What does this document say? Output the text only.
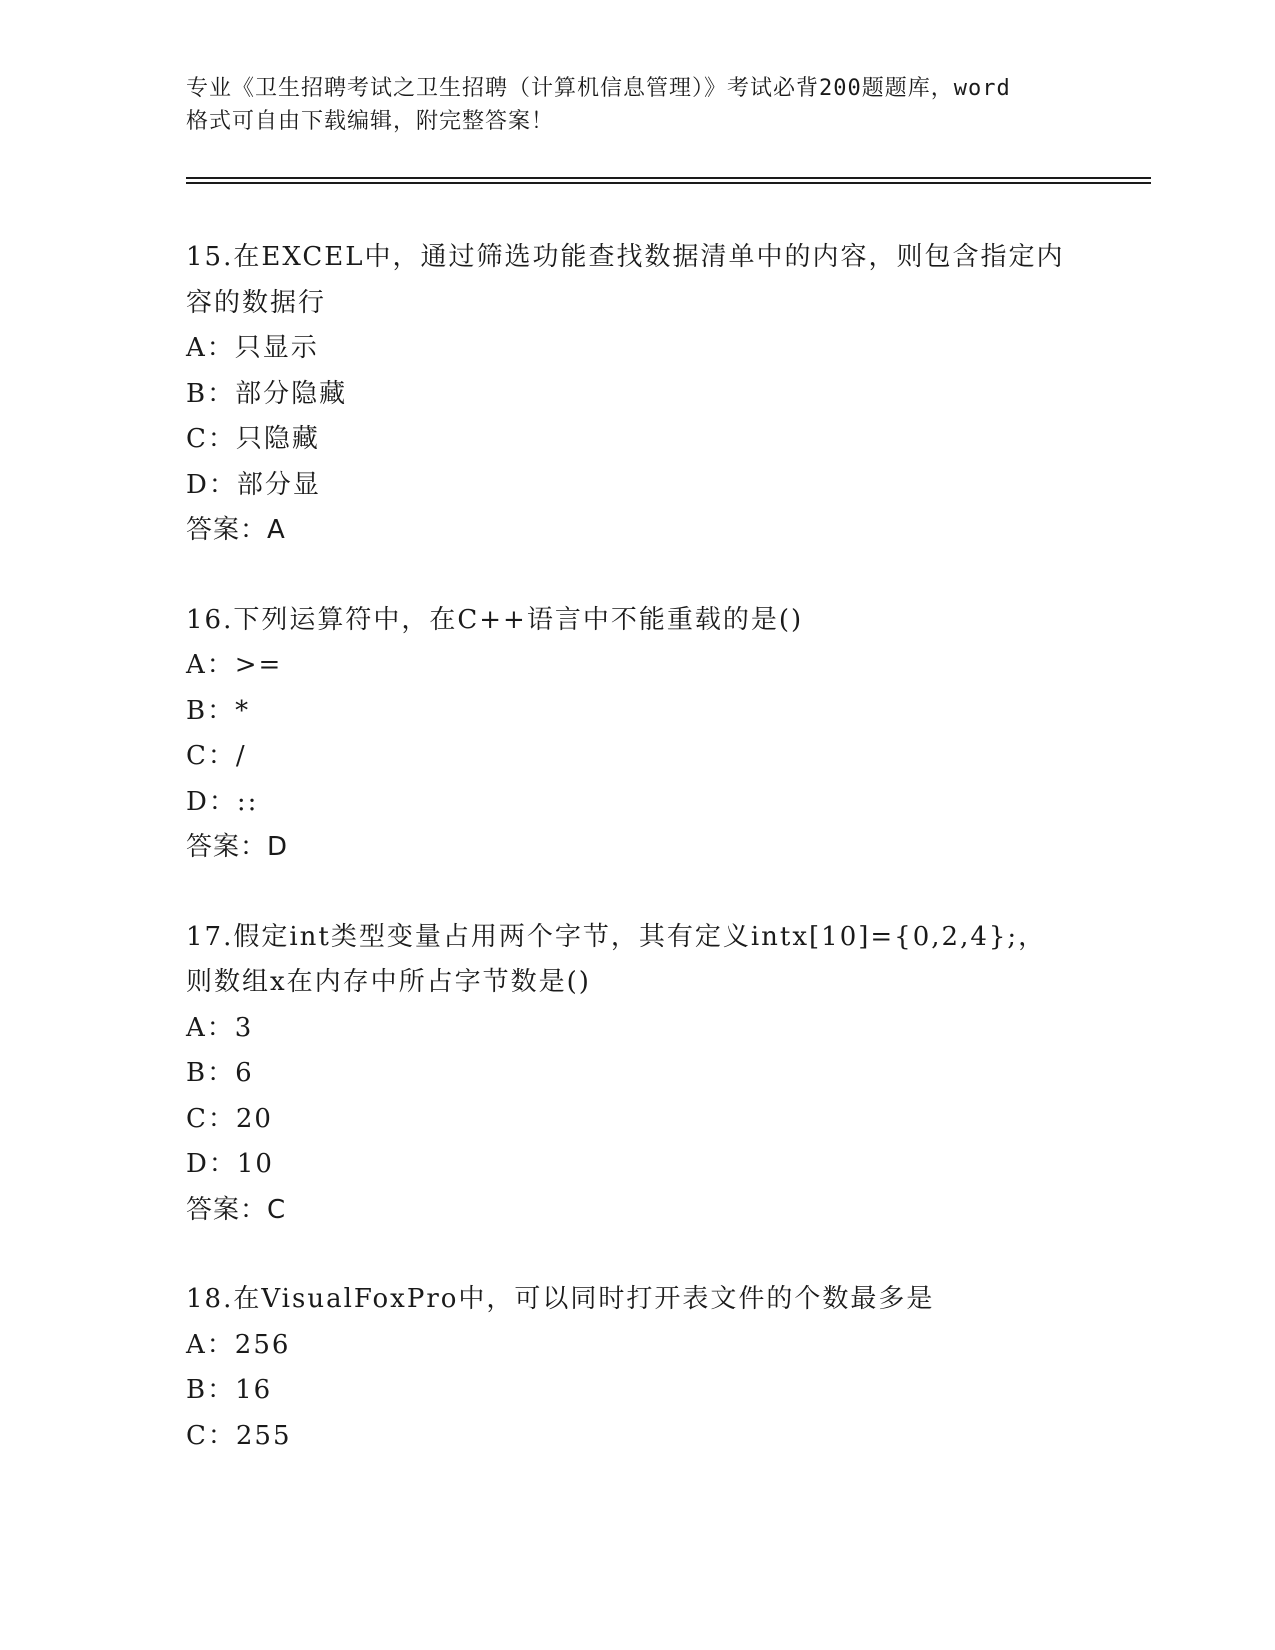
专业《卫生招聘考试之卫生招聘（计算机信息管理）》考试必背200题题库，word
格式可自由下载编辑，附完整答案！
15.在EXCEL中，通过筛选功能查找数据清单中的内容，则包含指定内
容的数据行
A：只显示
B：部分隐藏
C：只隐藏
D：部分显
答案：A
16.下列运算符中，在C++语言中不能重载的是()
A：>=
B：*
C：/
D：::
答案：D
17.假定int类型变量占用两个字节，其有定义intx[10]={0,2,4};，
则数组x在内存中所占字节数是()
A：3
B：6
C：20
D：10
答案：C
18.在VisualFoxPro中，可以同时打开表文件的个数最多是
A：256
B：16
C：255
